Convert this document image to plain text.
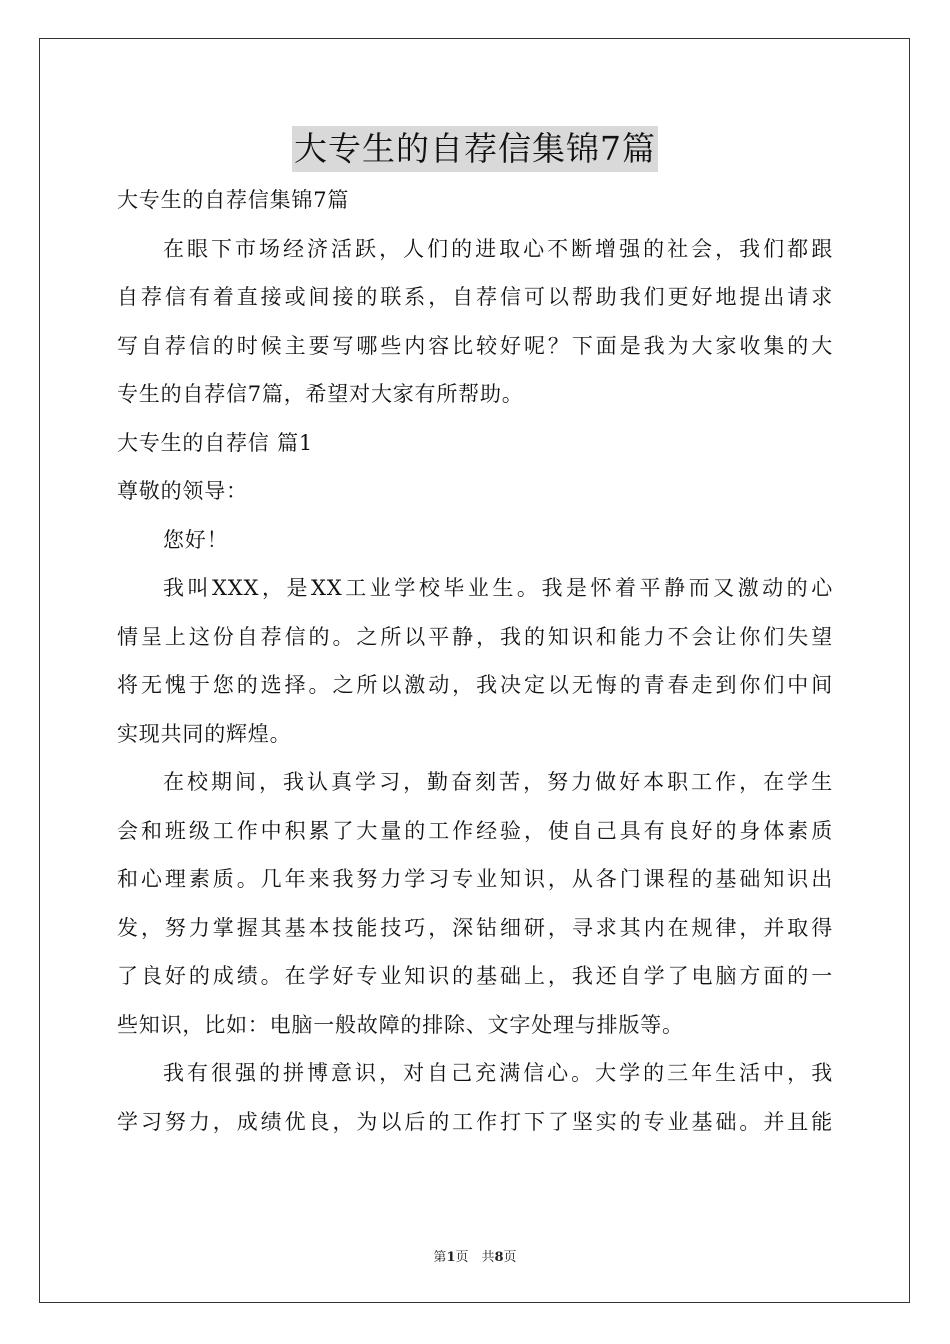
大专生的自荐信集锦7篇
大专生的自荐信集锦7篇
在眼下市场经济活跃，人们的进取心不断增强的社会，我们都跟
自荐信有着直接或间接的联系，自荐信可以帮助我们更好地提出请求
写自荐信的时候主要写哪些内容比较好呢？下面是我为大家收集的大
专生的自荐信7篇，希望对大家有所帮助。
大专生的自荐信 篇1
尊敬的领导：
您好！
我叫XXX，是XX工业学校毕业生。我是怀着平静而又激动的心
情呈上这份自荐信的。之所以平静，我的知识和能力不会让你们失望
将无愧于您的选择。之所以激动，我决定以无悔的青春走到你们中间
实现共同的辉煌。
在校期间，我认真学习，勤奋刻苦，努力做好本职工作，在学生
会和班级工作中积累了大量的工作经验，使自己具有良好的身体素质
和心理素质。几年来我努力学习专业知识，从各门课程的基础知识出
发，努力掌握其基本技能技巧，深钻细研，寻求其内在规律，并取得
了良好的成绩。在学好专业知识的基础上，我还自学了电脑方面的一
些知识，比如：电脑一般故障的排除、文字处理与排版等。
我有很强的拼博意识，对自己充满信心。大学的三年生活中，我
学习努力，成绩优良，为以后的工作打下了坚实的专业基础。并且能
第1页　共8页
